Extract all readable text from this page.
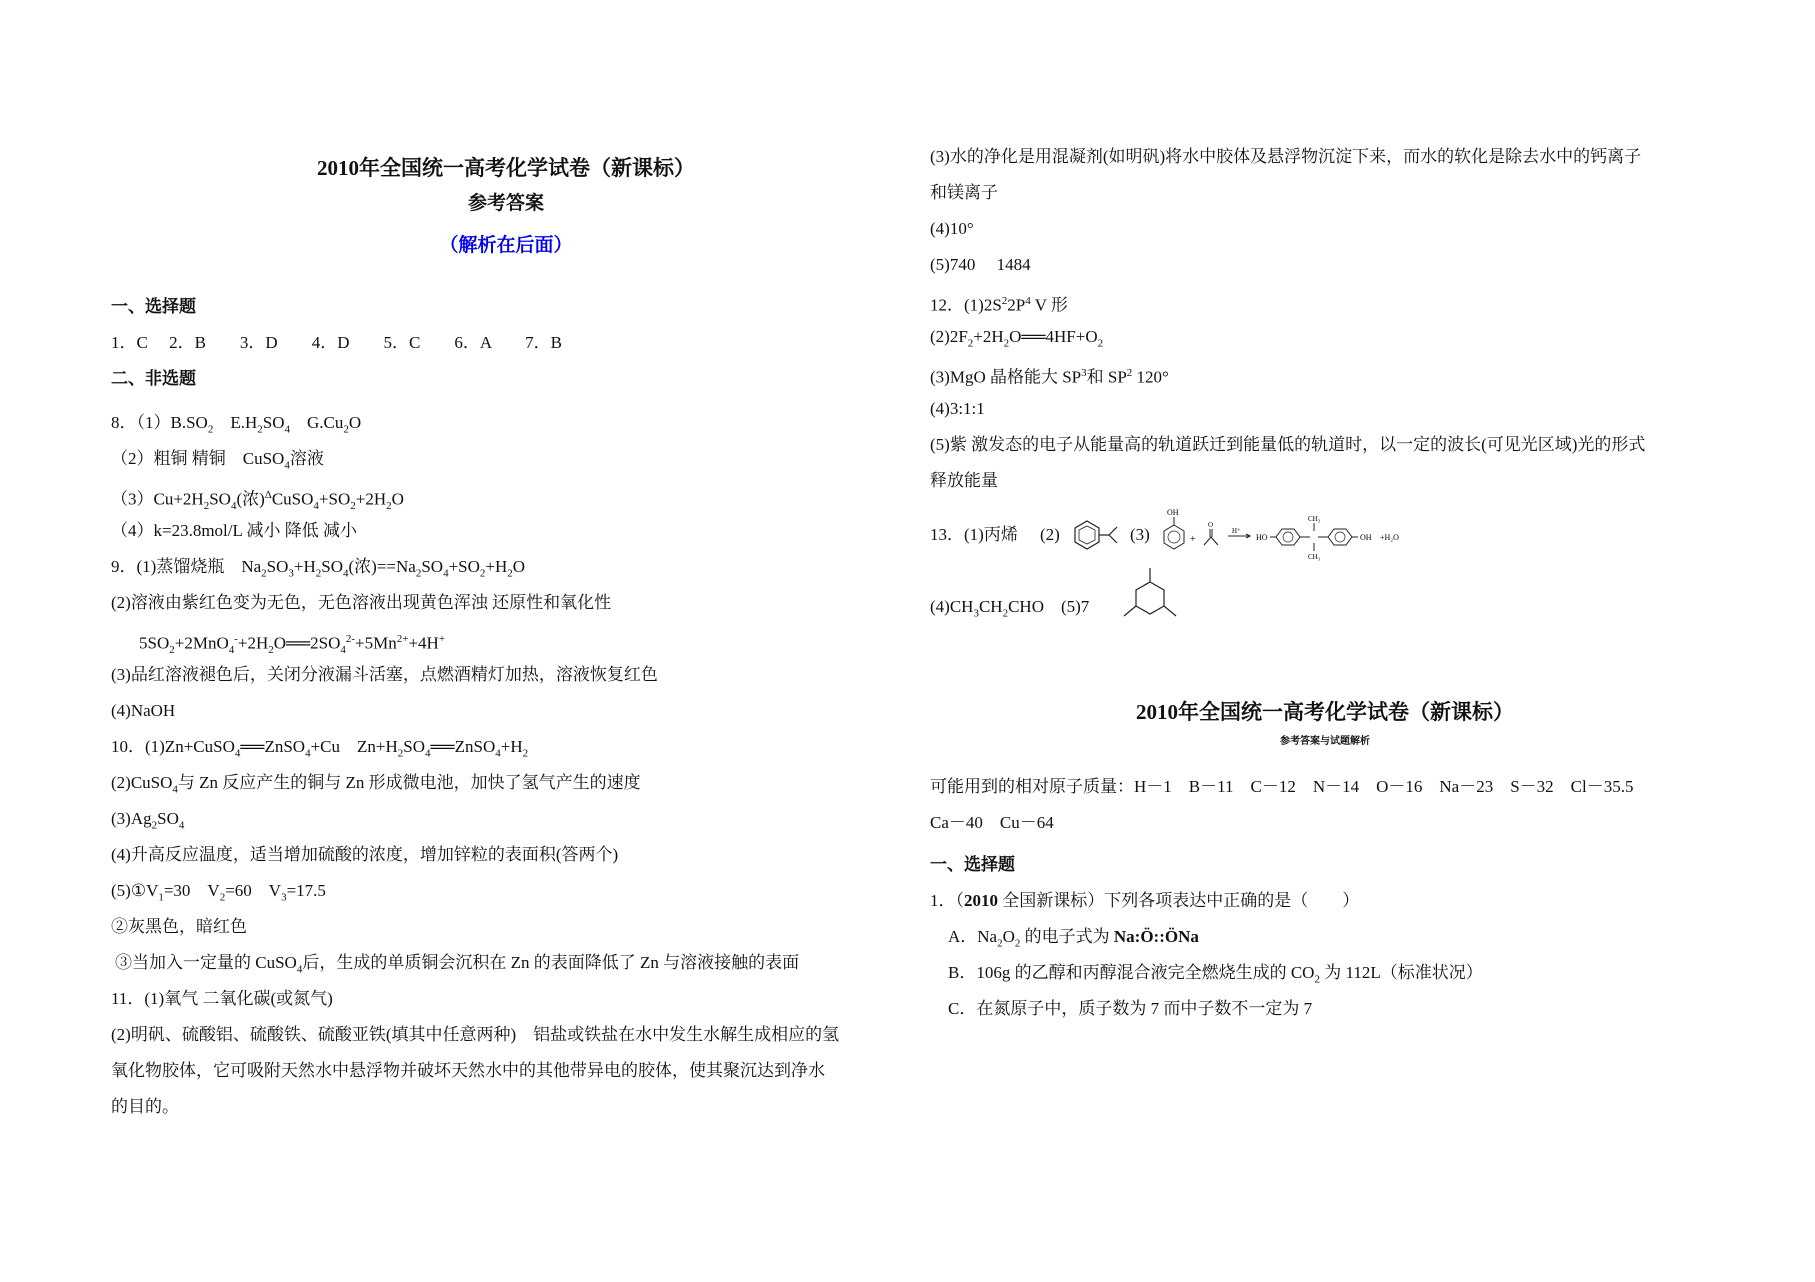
2010年全国统一高考化学试卷（新课标）
参考答案
（解析在后面）
一、选择题
1．C　 2．B　　3．D　　4．D　　5．C　　6．A　　7．B
二、非选题
8．$(1)B.SO_2$　$E.H_2SO_4$　$G.Cu_2O$
（2）粗铜 精铜　CuSO$_4$溶液
$(3)Cu+2H_2SO_4$(浓)$^\Delta CuSO_4+SO_2+2H_2O$
（4）k=23.8mol/L 减小 降低 减小
9．(1)蒸馏烧瓶　$Na_2SO_3+H_2SO_4$(浓)$==Na_2SO_4+SO_2+H_2O$
(2)溶液由紫红色变为无色，无色溶液出现黄色浑浊 还原性和氧化性
$5SO_2+2MnO_4^-+2H_2O══2SO_4^{2-}+5Mn^{2+}+4H^+$
(3)品红溶液褪色后，关闭分液漏斗活塞，点燃酒精灯加热，溶液恢复红色
(4)NaOH
10．(1)Zn+CuSO$_4$══ZnSO$_4$+Cu　$Zn+H_2SO_4══ZnSO_4+H_2$
(2)CuSO$_4$与 Zn 反应产生的铜与 Zn 形成微电池，加快了氢气产生的速度
$(3)Ag_2SO_4$
(4)升高反应温度，适当增加硫酸的浓度，增加锌粒的表面积(答两个)
$(5)①V_1=30$　$V_2=60$　$V_3=17.5$
②灰黑色，暗红色
③当加入一定量的 CuSO$_4$后，生成的单质铜会沉积在 Zn 的表面降低了 Zn 与溶液接触的表面
11．(1)氧气 二氧化碳(或氮气)
(2)明矾、硫酸铝、硫酸铁、硫酸亚铁(填其中任意两种)　铝盐或铁盐在水中发生水解生成相应的氢
氧化物胶体，它可吸附天然水中悬浮物并破坏天然水中的其他带异电的胶体，使其聚沉达到净水
的目的。
(3)水的净化是用混凝剂(如明矾)将水中胶体及悬浮物沉淀下来，而水的软化是除去水中的钙离子
和镁离子
(4)10°
(5)740　 1484
12．$(1)2S^22P^4$ V 形
$(2)2F_2+2H_2O══4HF+O_2$
(3)MgO 晶格能大 $SP^3$和 $SP^2$ 120°
(4)3:1:1
(5)紫 激发态的电子从能量高的轨道跃迁到能量低的轨道时，以一定的波长(可见光区域)光的形式
释放能量
13．(1)丙烯 (2)	(3)
OH
+
O
H⁺
HO
CH₃
CH₃
OH +H₂O
$(4)CH_3CH_2CHO$　(5)7
2010年全国统一高考化学试卷（新课标）
参考答案与试题解析
可能用到的相对原子质量：H－1　B－11　C－12　N－14　O－16　Na－23　S－32　Cl－35.5
Ca－40　Cu－64
一、选择题
1．（2010 全国新课标）下列各项表达中正确的是（　　）
A．$Na_2O_2$ 的电子式为 Na:Ö::ÖNa
B．106g 的乙醇和丙醇混合液完全燃烧生成的 $CO_2$ 为 112L（标准状况）
C．在氮原子中，质子数为 7 而中子数不一定为 7
